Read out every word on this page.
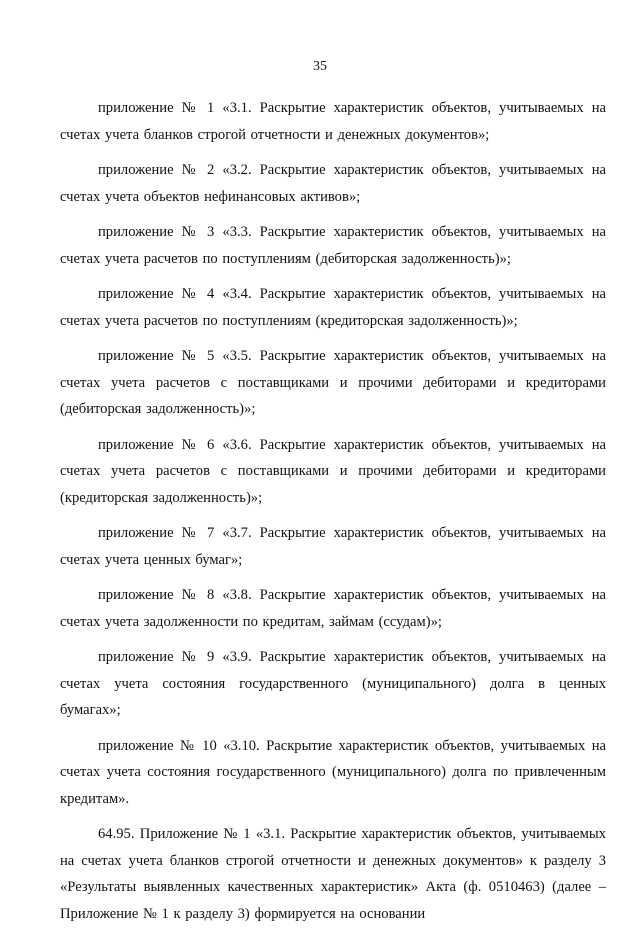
35

приложение № 1 «3.1. Раскрытие характеристик объектов, учитываемых на счетах учета бланков строгой отчетности и денежных документов»;

приложение № 2 «3.2. Раскрытие характеристик объектов, учитываемых на счетах учета объектов нефинансовых активов»;

приложение № 3 «3.3. Раскрытие характеристик объектов, учитываемых на счетах учета расчетов по поступлениям (дебиторская задолженность)»;

приложение № 4 «3.4. Раскрытие характеристик объектов, учитываемых на счетах учета расчетов по поступлениям (кредиторская задолженность)»;

приложение № 5 «3.5. Раскрытие характеристик объектов, учитываемых на счетах учета расчетов с поставщиками и прочими дебиторами и кредиторами (дебиторская задолженность)»;

приложение № 6 «3.6. Раскрытие характеристик объектов, учитываемых на счетах учета расчетов с поставщиками и прочими дебиторами и кредиторами (кредиторская задолженность)»;

приложение № 7 «3.7. Раскрытие характеристик объектов, учитываемых на счетах учета ценных бумаг»;

приложение № 8 «3.8. Раскрытие характеристик объектов, учитываемых на счетах учета задолженности по кредитам, займам (ссудам)»;

приложение № 9 «3.9. Раскрытие характеристик объектов, учитываемых на счетах учета состояния государственного (муниципального) долга в ценных бумагах»;

приложение № 10 «3.10. Раскрытие характеристик объектов, учитываемых на счетах учета состояния государственного (муниципального) долга по привлеченным кредитам».

64.95. Приложение № 1 «3.1. Раскрытие характеристик объектов, учитываемых на счетах учета бланков строгой отчетности и денежных документов» к разделу 3 «Результаты выявленных качественных характеристик» Акта (ф. 0510463) (далее – Приложение № 1 к разделу 3) формируется на основании
